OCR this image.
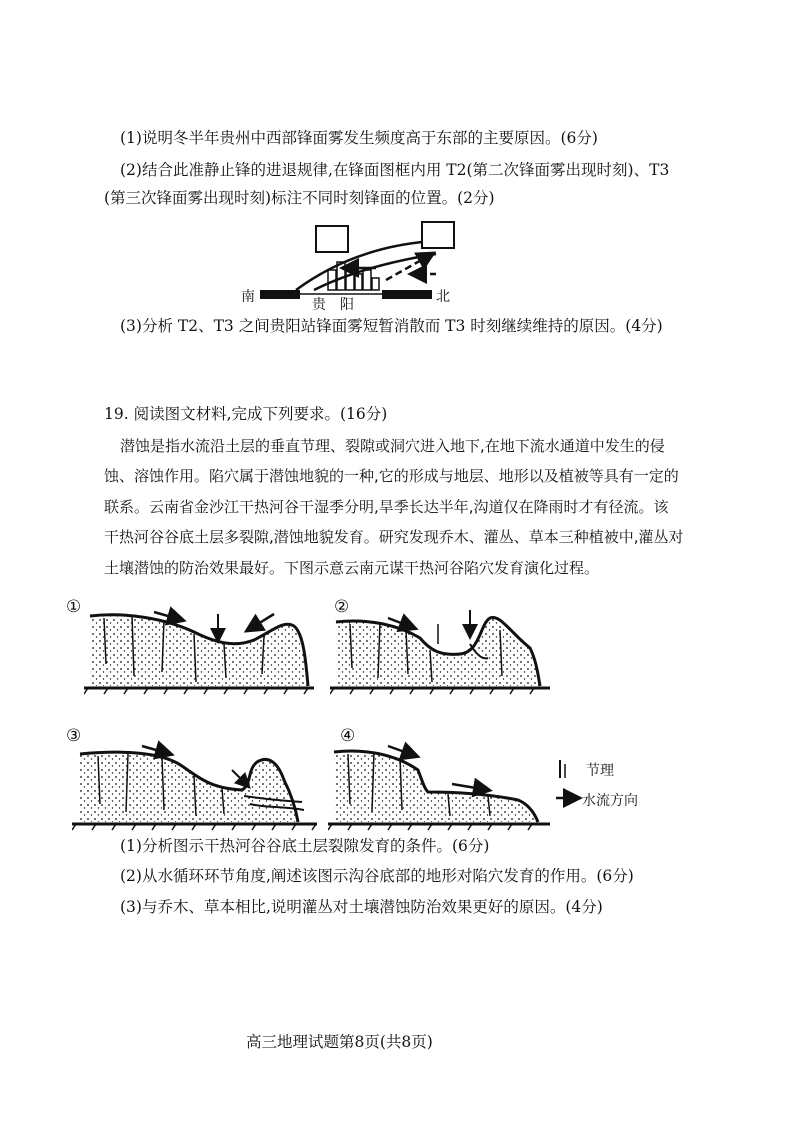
(1)说明冬半年贵州中西部锋面雾发生频度高于东部的主要原因。(6分)
(2)结合此准静止锋的进退规律,在锋面图框内用 T2(第二次锋面雾出现时刻)、T3
(第三次锋面雾出现时刻)标注不同时刻锋面的位置。(2分)
南	贵　阳	北
(3)分析 T2、T3 之间贵阳站锋面雾短暂消散而 T3 时刻继续维持的原因。(4分)
19. 阅读图文材料,完成下列要求。(16分)
潜蚀是指水流沿土层的垂直节理、裂隙或洞穴进入地下,在地下流水通道中发生的侵
蚀、溶蚀作用。陷穴属于潜蚀地貌的一种,它的形成与地层、地形以及植被等具有一定的
联系。云南省金沙江干热河谷干湿季分明,旱季长达半年,沟道仅在降雨时才有径流。该
干热河谷谷底土层多裂隙,潜蚀地貌发育。研究发现乔木、灌丛、草本三种植被中,灌丛对
土壤潜蚀的防治效果最好。下图示意云南元谋干热河谷陷穴发育演化过程。
①	②
③	④
节理
水流方向
(1)分析图示干热河谷谷底土层裂隙发育的条件。(6分)
(2)从水循环环节角度,阐述该图示沟谷底部的地形对陷穴发育的作用。(6分)
(3)与乔木、草本相比,说明灌丛对土壤潜蚀防治效果更好的原因。(4分)
高三地理试题第8页(共8页)
